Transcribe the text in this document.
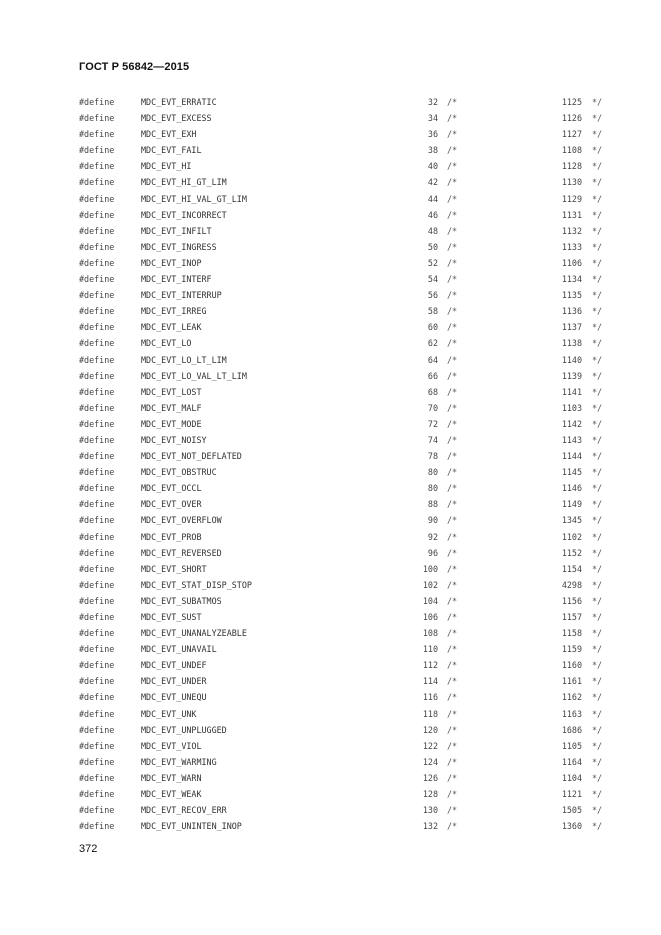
ГОСТ Р 56842—2015
#define	MDC_EVT_ERRATIC	32 /*	1125 */
#define	MDC_EVT_EXCESS	34 /*	1126 */
#define	MDC_EVT_EXH	36 /*	1127 */
#define	MDC_EVT_FAIL	38 /*	1108 */
#define	MDC_EVT_HI	40 /*	1128 */
#define	MDC_EVT_HI_GT_LIM	42 /*	1130 */
#define	MDC_EVT_HI_VAL_GT_LIM	44 /*	1129 */
#define	MDC_EVT_INCORRECT	46 /*	1131 */
#define	MDC_EVT_INFILT	48 /*	1132 */
#define	MDC_EVT_INGRESS	50 /*	1133 */
#define	MDC_EVT_INOP	52 /*	1106 */
#define	MDC_EVT_INTERF	54 /*	1134 */
#define	MDC_EVT_INTERRUP	56 /*	1135 */
#define	MDC_EVT_IRREG	58 /*	1136 */
#define	MDC_EVT_LEAK	60 /*	1137 */
#define	MDC_EVT_LO	62 /*	1138 */
#define	MDC_EVT_LO_LT_LIM	64 /*	1140 */
#define	MDC_EVT_LO_VAL_LT_LIM	66 /*	1139 */
#define	MDC_EVT_LOST	68 /*	1141 */
#define	MDC_EVT_MALF	70 /*	1103 */
#define	MDC_EVT_MODE	72 /*	1142 */
#define	MDC_EVT_NOISY	74 /*	1143 */
#define	MDC_EVT_NOT_DEFLATED	78 /*	1144 */
#define	MDC_EVT_OBSTRUC	80 /*	1145 */
#define	MDC_EVT_OCCL	80 /*	1146 */
#define	MDC_EVT_OVER	88 /*	1149 */
#define	MDC_EVT_OVERFLOW	90 /*	1345 */
#define	MDC_EVT_PROB	92 /*	1102 */
#define	MDC_EVT_REVERSED	96 /*	1152 */
#define	MDC_EVT_SHORT	100 /*	1154 */
#define	MDC_EVT_STAT_DISP_STOP	102 /*	4298 */
#define	MDC_EVT_SUBATMOS	104 /*	1156 */
#define	MDC_EVT_SUST	106 /*	1157 */
#define	MDC_EVT_UNANALYZEABLE	108 /*	1158 */
#define	MDC_EVT_UNAVAIL	110 /*	1159 */
#define	MDC_EVT_UNDEF	112 /*	1160 */
#define	MDC_EVT_UNDER	114 /*	1161 */
#define	MDC_EVT_UNEQU	116 /*	1162 */
#define	MDC_EVT_UNK	118 /*	1163 */
#define	MDC_EVT_UNPLUGGED	120 /*	1686 */
#define	MDC_EVT_VIOL	122 /*	1105 */
#define	MDC_EVT_WARMING	124 /*	1164 */
#define	MDC_EVT_WARN	126 /*	1104 */
#define	MDC_EVT_WEAK	128 /*	1121 */
#define	MDC_EVT_RECOV_ERR	130 /*	1505 */
#define	MDC_EVT_UNINTEN_INOP	132 /*	1360 */
372
